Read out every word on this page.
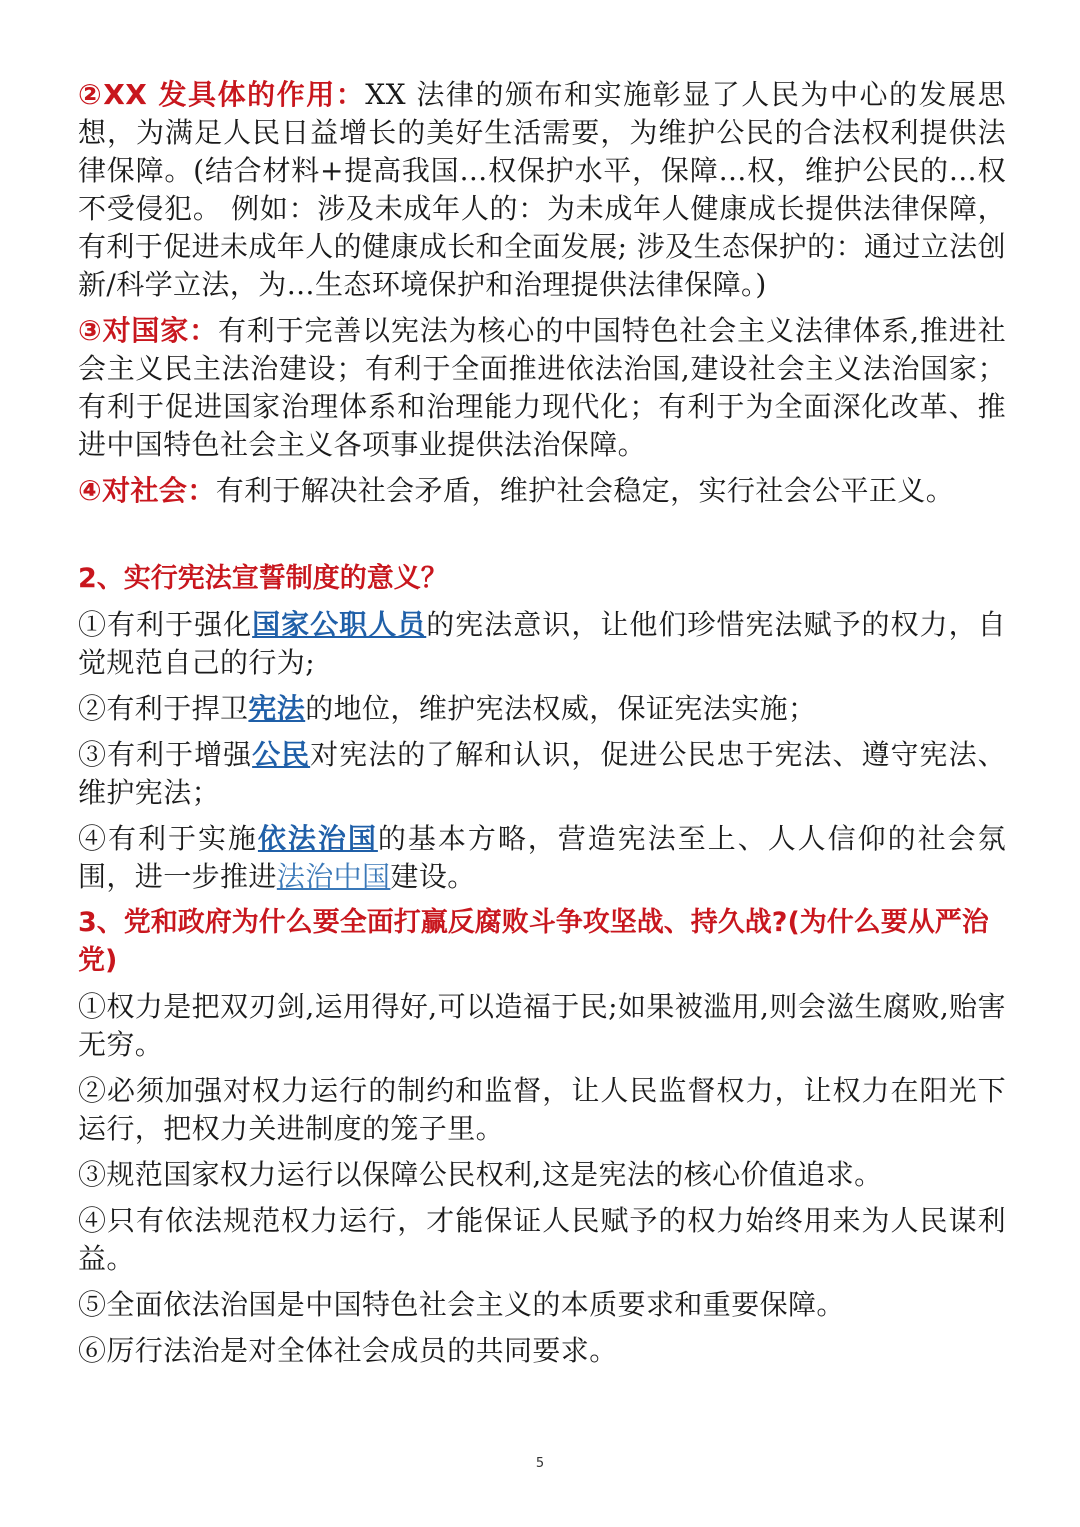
②XX 发具体的作用：XX 法律的颁布和实施彰显了人民为中心的发展思想，为满足人民日益增长的美好生活需要，为维护公民的合法权利提供法律保障。(结合材料+提高我国…权保护水平，保障…权，维护公民的…权不受侵犯。 例如：涉及未成年人的：为未成年人健康成长提供法律保障，有利于促进未成年人的健康成长和全面发展; 涉及生态保护的：通过立法创新/科学立法，为…生态环境保护和治理提供法律保障。)

③对国家：有利于完善以宪法为核心的中国特色社会主义法律体系,推进社会主义民主法治建设；有利于全面推进依法治国,建设社会主义法治国家；有利于促进国家治理体系和治理能力现代化；有利于为全面深化改革、推进中国特色社会主义各项事业提供法治保障。

④对社会：有利于解决社会矛盾，维护社会稳定，实行社会公平正义。

2、实行宪法宣誓制度的意义？

①有利于强化国家公职人员的宪法意识，让他们珍惜宪法赋予的权力，自觉规范自己的行为;

②有利于捍卫宪法的地位，维护宪法权威，保证宪法实施；

③有利于增强公民对宪法的了解和认识，促进公民忠于宪法、遵守宪法、维护宪法；

④有利于实施依法治国的基本方略，营造宪法至上、人人信仰的社会氛围，进一步推进法治中国建设。

3、党和政府为什么要全面打赢反腐败斗争攻坚战、持久战?(为什么要从严治党)

①权力是把双刃剑,运用得好,可以造福于民;如果被滥用,则会滋生腐败,贻害无穷。

②必须加强对权力运行的制约和监督，让人民监督权力，让权力在阳光下运行，把权力关进制度的笼子里。

③规范国家权力运行以保障公民权利,这是宪法的核心价值追求。

④只有依法规范权力运行，才能保证人民赋予的权力始终用来为人民谋利益。

⑤全面依法治国是中国特色社会主义的本质要求和重要保障。

⑥厉行法治是对全体社会成员的共同要求。

5
